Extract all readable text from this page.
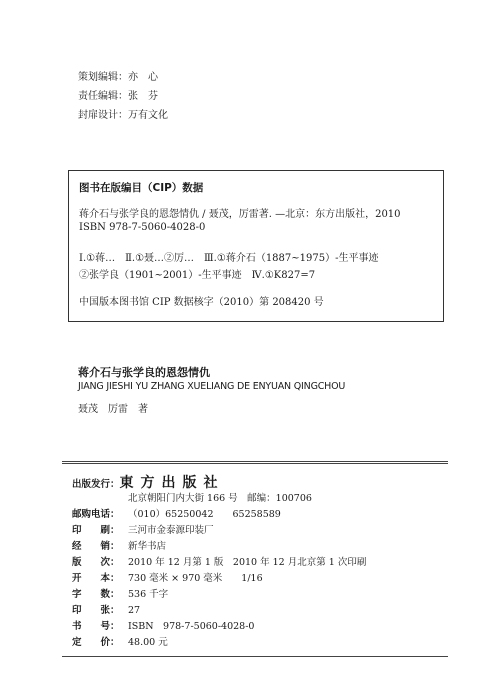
策划编辑：亦　心
责任编辑：张　芬
封扉设计：万有文化
图书在版编目（CIP）数据
蒋介石与张学良的恩怨情仇 / 聂茂，厉雷著. —北京：东方出版社，2010
ISBN 978-7-5060-4028-0
Ⅰ.①蒋…　Ⅱ.①聂…②厉…　Ⅲ.①蒋介石（1887~1975）-生平事迹
②张学良（1901~2001）-生平事迹　Ⅳ.①K827=7
中国版本图书馆 CIP 数据核字（2010）第 208420 号
蒋介石与张学良的恩怨情仇
JIANG JIESHI YU ZHANG XUELIANG DE ENYUAN QINGCHOU
聂茂　厉雷　著
出版发行：東方出版社
北京朝阳门内大街 166 号　邮编：100706
邮购电话： （010）65250042　　65258589
印　　刷： 三河市金泰源印装厂
经　　销： 新华书店
版　　次： 2010 年 12 月第 1 版　2010 年 12 月北京第 1 次印刷
开　　本： 730 毫米 × 970 毫米　　1/16
字　　数： 536 千字
印　　张： 27
书　　号： ISBN　978-7-5060-4028-0
定　　价： 48.00 元
